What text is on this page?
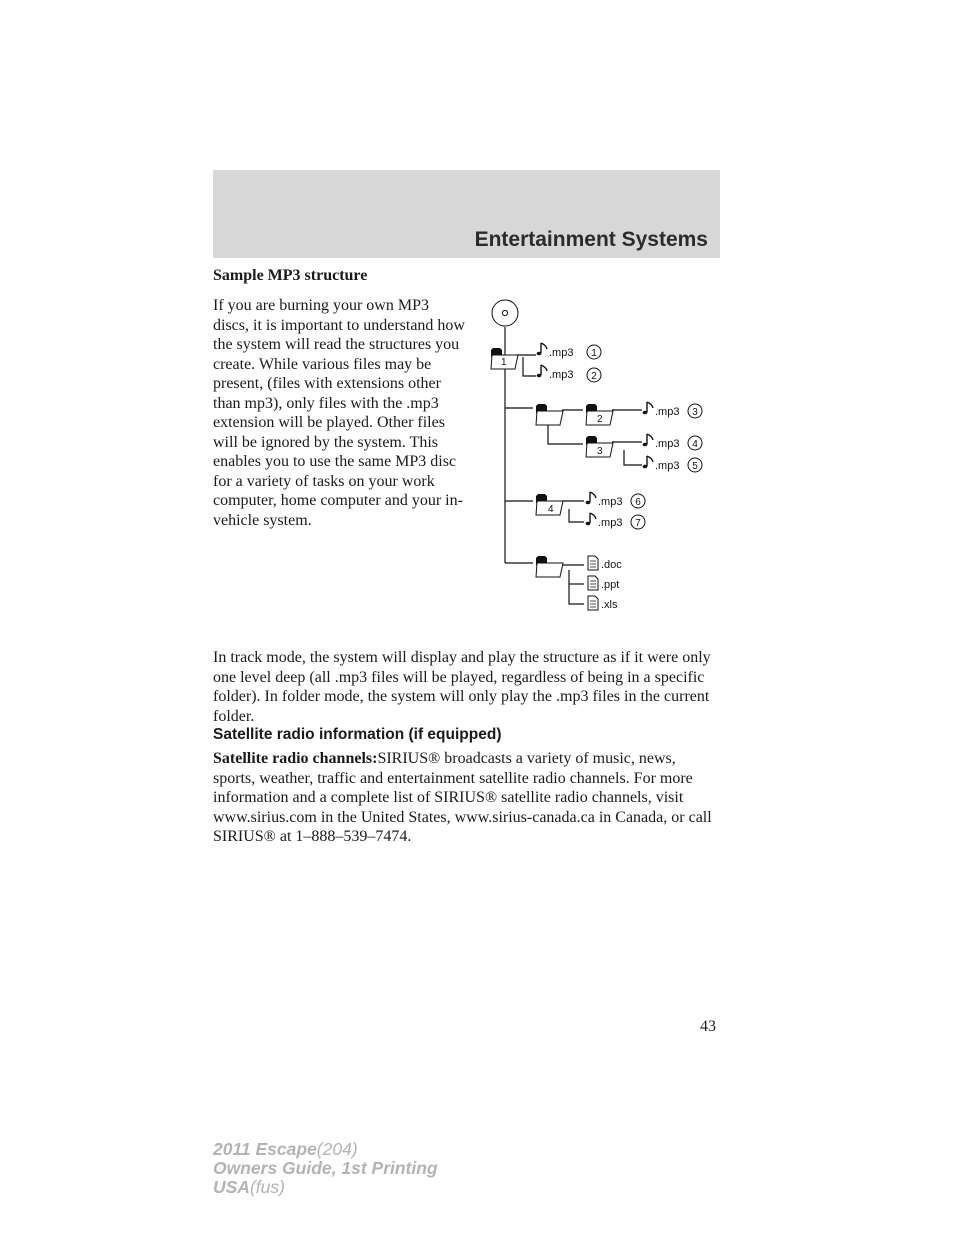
Entertainment Systems
Sample MP3 structure

If you are burning your own MP3 discs, it is important to understand how the system will read the structures you create. While various files may be present, (files with extensions other than mp3), only files with the .mp3 extension will be played. Other files will be ignored by the system. This enables you to use the same MP3 disc for a variety of tasks on your work computer, home computer and your in-vehicle system.

1
2
3
4
.mp3 1
.mp3 2
.mp3 3
.mp3 4
.mp3 5
.mp3 6
.mp3 7
.doc
.ppt
.xls

In track mode, the system will display and play the structure as if it were only one level deep (all .mp3 files will be played, regardless of being in a specific folder). In folder mode, the system will only play the .mp3 files in the current folder.

Satellite radio information (if equipped)

Satellite radio channels:SIRIUS® broadcasts a variety of music, news, sports, weather, traffic and entertainment satellite radio channels. For more information and a complete list of SIRIUS® satellite radio channels, visit www.sirius.com in the United States, www.sirius-canada.ca in Canada, or call SIRIUS® at 1–888–539–7474.

43
2011 Escape(204)
Owners Guide, 1st Printing
USA(fus)
